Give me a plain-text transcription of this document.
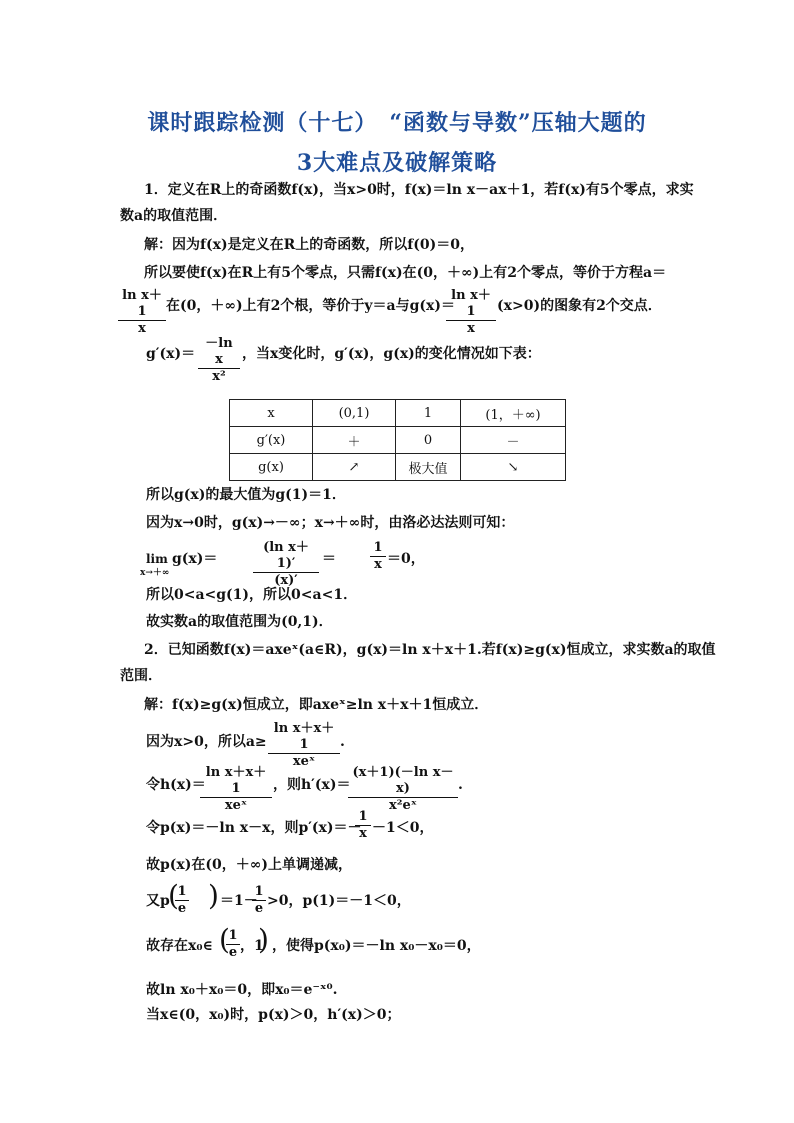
课时跟踪检测（十七）　“函数与导数”压轴大题的
3大难点及破解策略
1．定义在R上的奇函数f(x)，当x>0时，f(x)＝ln x－ax＋1，若f(x)有5个零点，求实
数a的取值范围．
解：因为f(x)是定义在R上的奇函数，所以f(0)＝0，
所以要使f(x)在R上有5个零点，只需f(x)在(0，＋∞)上有2个零点，等价于方程a＝
$\frac{\text{ln x＋1}}{x}$ 在(0，＋∞)上有2个根，等价于y＝a与g(x)＝
$\frac{\text{ln x＋1}}{x} (x>0)$的图象有2个交点．
$g'(x)= \frac{\text{－ln x}}{\text{x²}}$ ，当x变化时，g′(x)，g(x)的变化情况如下表：
x	(0,1)	1	(1，＋∞)
g′(x)	＋	0	－
g(x)	↗	极大值	↘
所以g(x)的最大值为g(1)＝1．
因为x→0时，g(x)→－∞；x→＋∞时，由洛必达法则可知：
lim
x→＋∞
g(x)＝	$\frac{\text{(ln x＋1)′}}{(x)'}$ ＝	$\frac{1}{x} =0$，
所以0<a<g(1)，所以0<a<1．
故实数a的取值范围为(0,1)．
2．已知函数f(x)＝axeˣ(a∈R)，g(x)＝ln x＋x＋1.若f(x)≥g(x)恒成立，求实数a的取值
范围．
解：f(x)≥g(x)恒成立，即axeˣ≥ln x＋x＋1恒成立．
因为x>0，所以a≥
ln x＋x＋1
xeˣ
.
令h(x)＝
ln x＋x＋1
xeˣ
，则h′(x)＝
$\frac{\text{(x＋1)(－ln x－x)}}{\text{x²eˣ}}$ .
令p(x)＝－ln x－x，则p′(x)＝－
$\frac{1}{x} -1<0$，
故p(x)在(0，＋∞)上单调递减，
又p
(
$\frac{1}{e}$ ) ＝1－
$\frac{1}{e} >0$，p(1)＝－1＜0，
故存在x₀∈ (
$\frac{1}{e}$ ，1
) ，使得p(x₀)＝－ln x₀－x₀＝0，
故ln x₀＋x₀＝0，即x₀＝e⁻ˣ⁰.
当x∈(0，x₀)时，p(x)＞0，h′(x)＞0；
